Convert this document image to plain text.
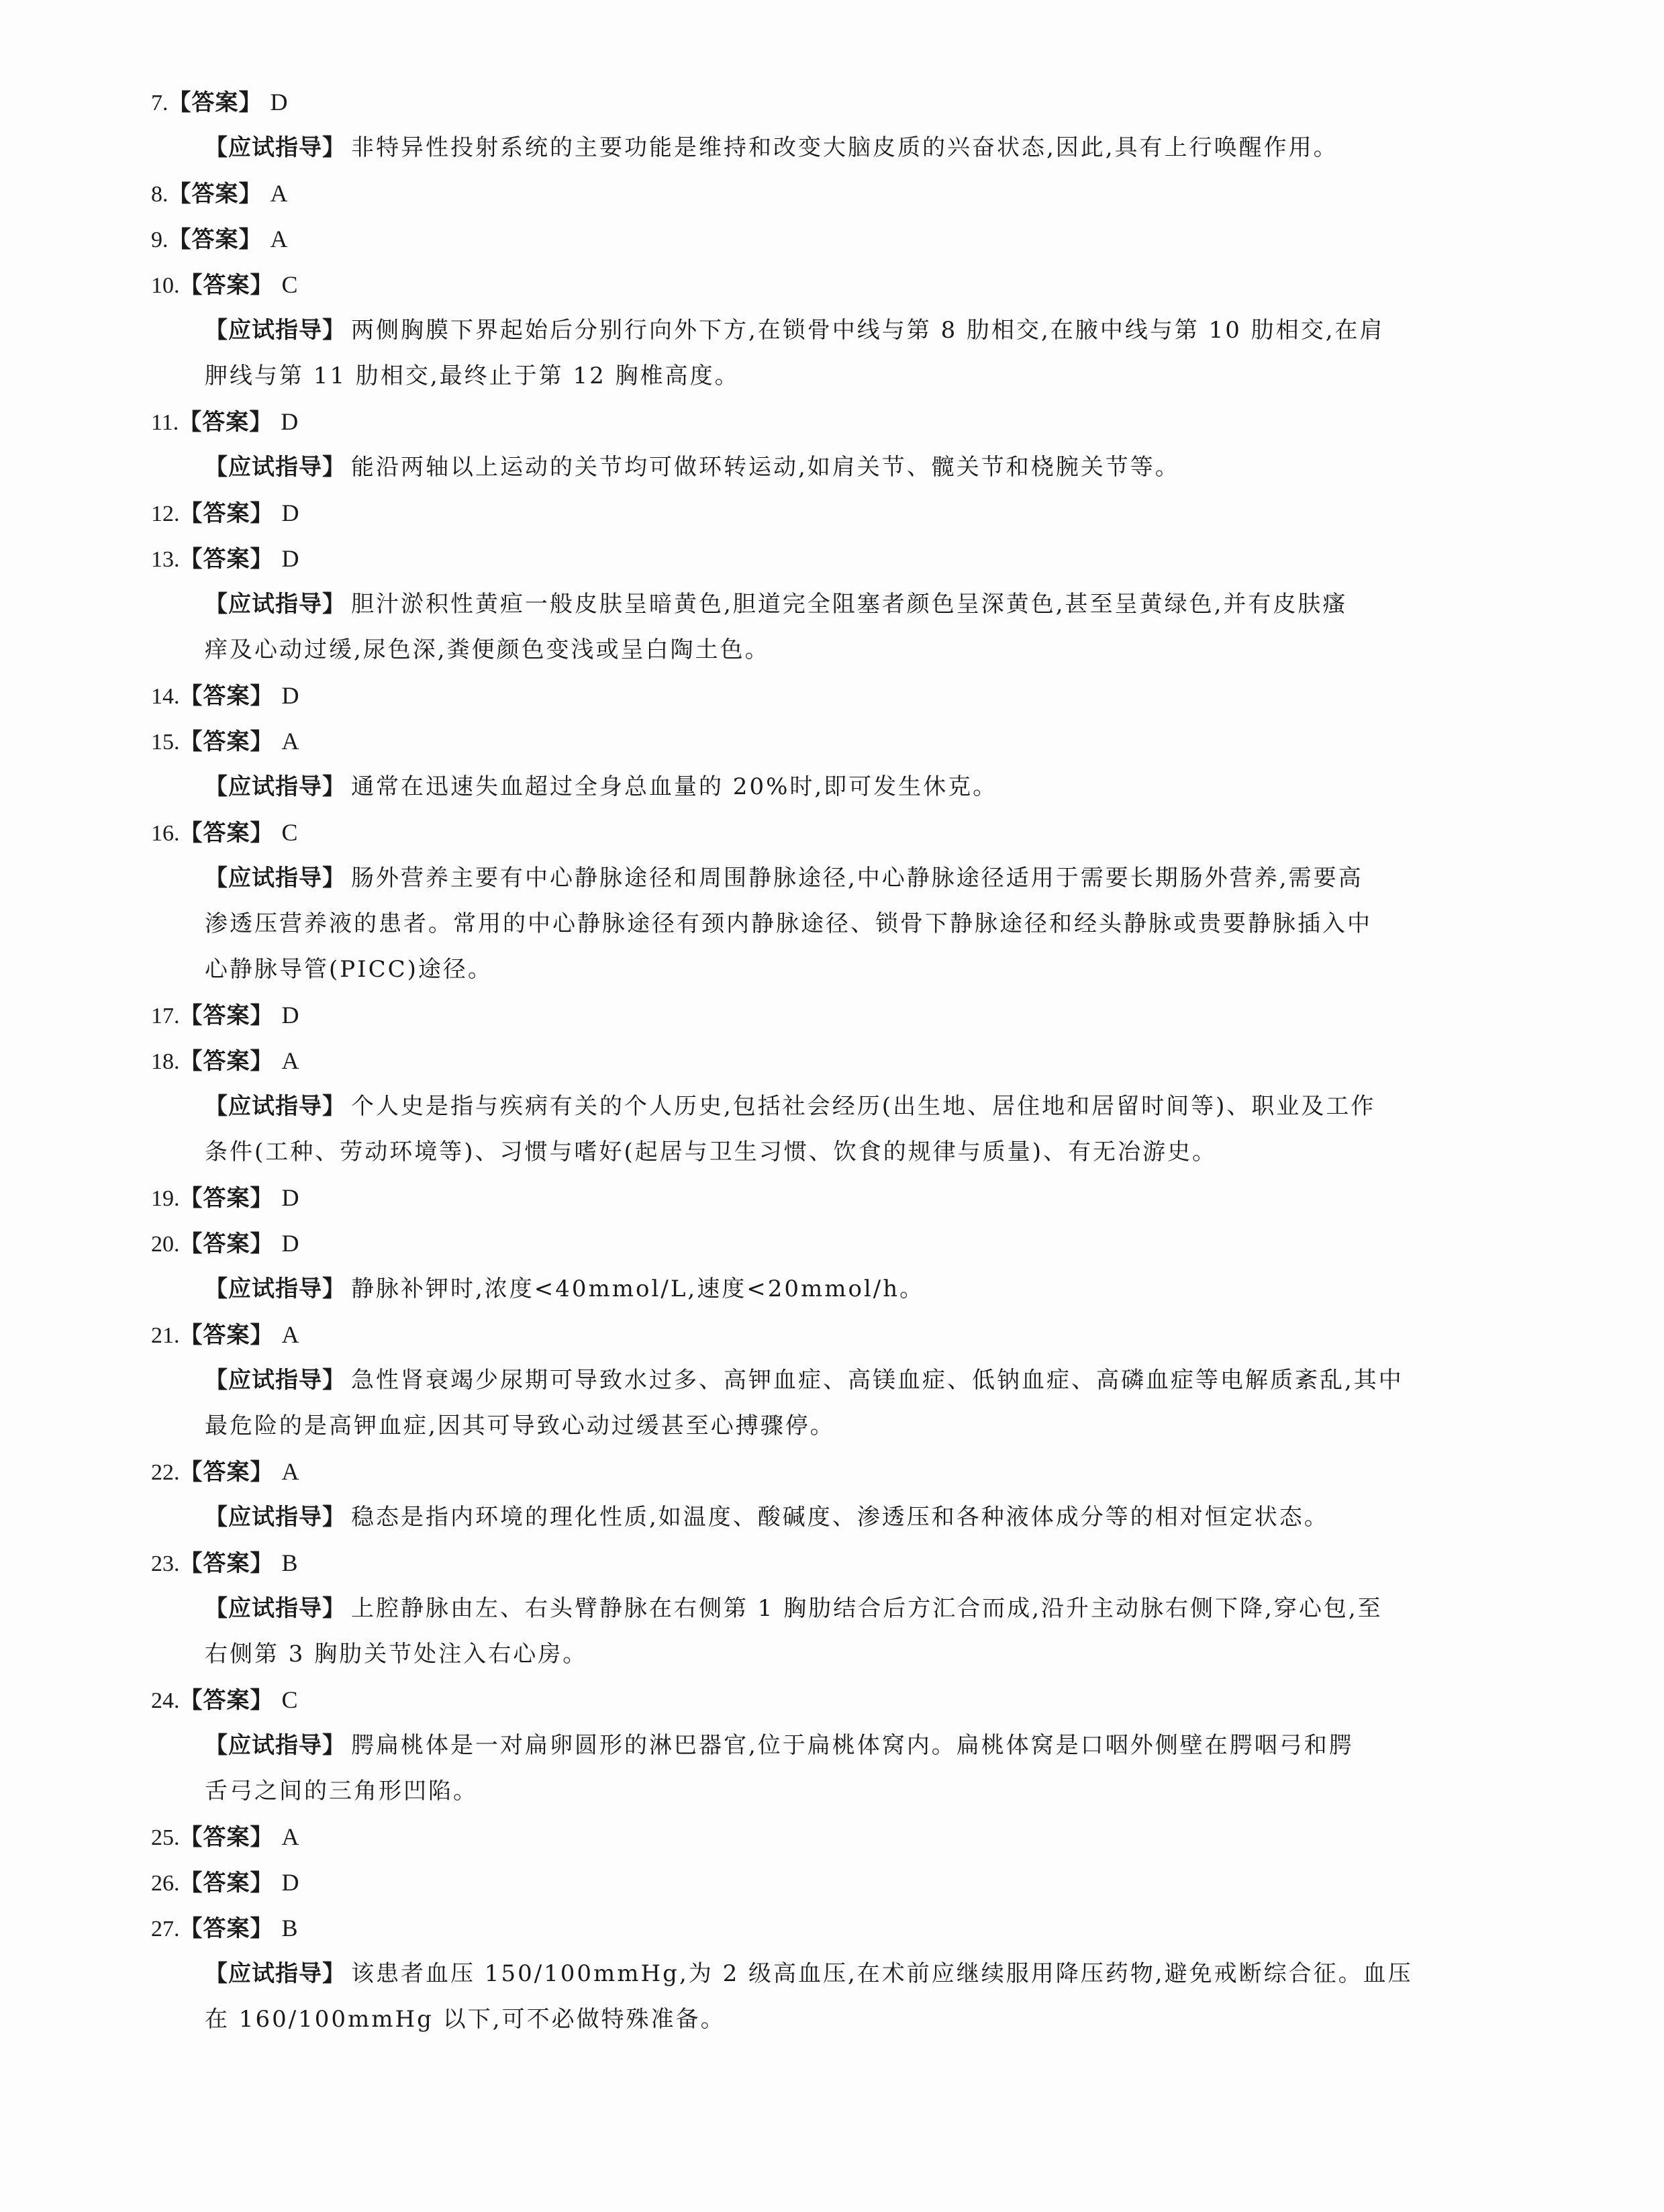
7.【答案】 D
【应试指导】 非特异性投射系统的主要功能是维持和改变大脑皮质的兴奋状态,因此,具有上行唤醒作用。
8.【答案】 A
9.【答案】 A
10.【答案】 C
【应试指导】 两侧胸膜下界起始后分别行向外下方,在锁骨中线与第 8 肋相交,在腋中线与第 10 肋相交,在肩
胛线与第 11 肋相交,最终止于第 12 胸椎高度。
11.【答案】 D
【应试指导】 能沿两轴以上运动的关节均可做环转运动,如肩关节、髋关节和桡腕关节等。
12.【答案】 D
13.【答案】 D
【应试指导】 胆汁淤积性黄疸一般皮肤呈暗黄色,胆道完全阻塞者颜色呈深黄色,甚至呈黄绿色,并有皮肤瘙
痒及心动过缓,尿色深,粪便颜色变浅或呈白陶土色。
14.【答案】 D
15.【答案】 A
【应试指导】 通常在迅速失血超过全身总血量的 20%时,即可发生休克。
16.【答案】 C
【应试指导】 肠外营养主要有中心静脉途径和周围静脉途径,中心静脉途径适用于需要长期肠外营养,需要高
渗透压营养液的患者。常用的中心静脉途径有颈内静脉途径、锁骨下静脉途径和经头静脉或贵要静脉插入中
心静脉导管(PICC)途径。
17.【答案】 D
18.【答案】 A
【应试指导】 个人史是指与疾病有关的个人历史,包括社会经历(出生地、居住地和居留时间等)、职业及工作
条件(工种、劳动环境等)、习惯与嗜好(起居与卫生习惯、饮食的规律与质量)、有无冶游史。
19.【答案】 D
20.【答案】 D
【应试指导】 静脉补钾时,浓度<40mmol/L,速度<20mmol/h。
21.【答案】 A
【应试指导】 急性肾衰竭少尿期可导致水过多、高钾血症、高镁血症、低钠血症、高磷血症等电解质紊乱,其中
最危险的是高钾血症,因其可导致心动过缓甚至心搏骤停。
22.【答案】 A
【应试指导】 稳态是指内环境的理化性质,如温度、酸碱度、渗透压和各种液体成分等的相对恒定状态。
23.【答案】 B
【应试指导】 上腔静脉由左、右头臂静脉在右侧第 1 胸肋结合后方汇合而成,沿升主动脉右侧下降,穿心包,至
右侧第 3 胸肋关节处注入右心房。
24.【答案】 C
【应试指导】 腭扁桃体是一对扁卵圆形的淋巴器官,位于扁桃体窝内。扁桃体窝是口咽外侧壁在腭咽弓和腭
舌弓之间的三角形凹陷。
25.【答案】 A
26.【答案】 D
27.【答案】 B
【应试指导】 该患者血压 150/100mmHg,为 2 级高血压,在术前应继续服用降压药物,避免戒断综合征。血压
在 160/100mmHg 以下,可不必做特殊准备。
